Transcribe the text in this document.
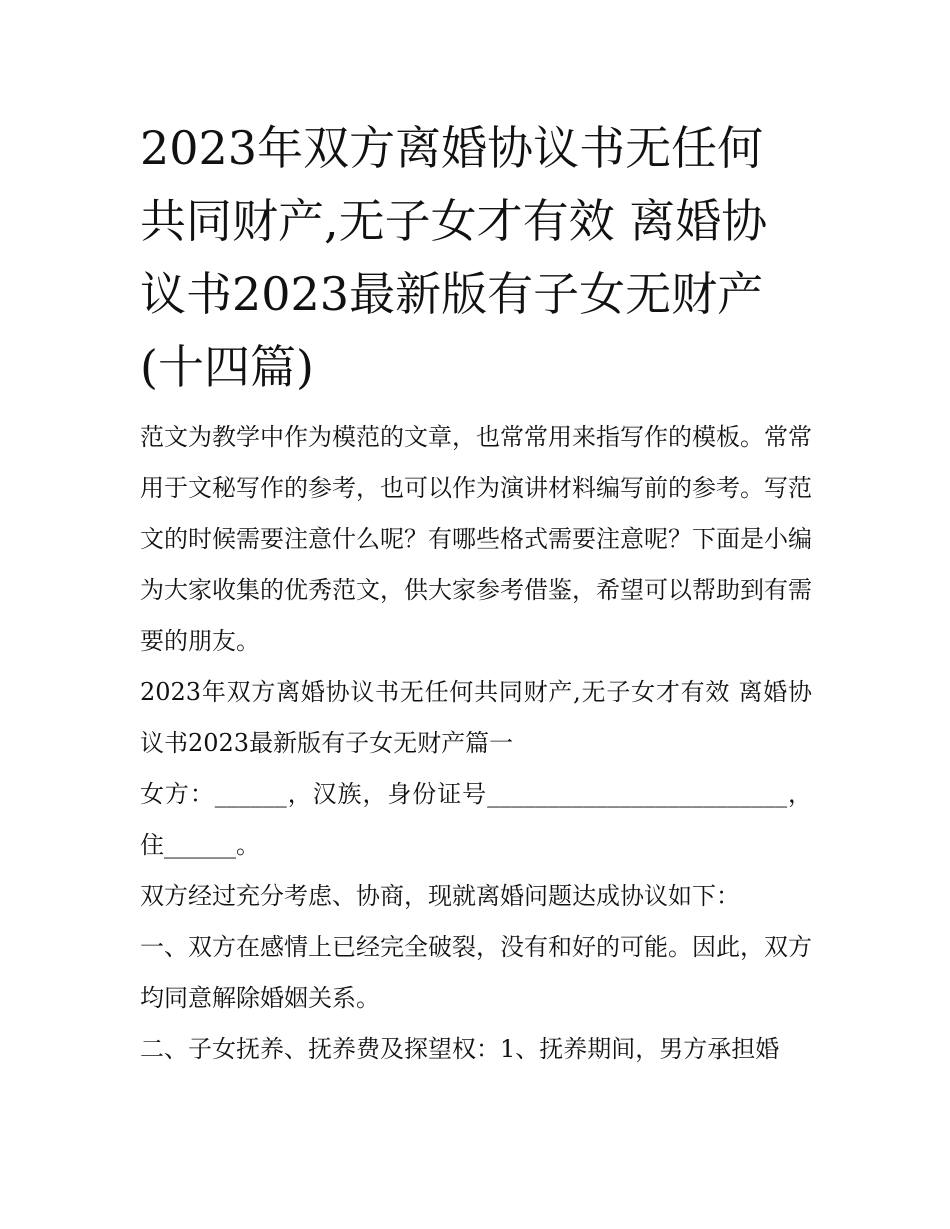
2023年双方离婚协议书无任何
共同财产,无子女才有效 离婚协
议书2023最新版有子女无财产
(十四篇)

范文为教学中作为模范的文章，也常常用来指写作的模板。常常用于文秘写作的参考，也可以作为演讲材料编写前的参考。写范文的时候需要注意什么呢？有哪些格式需要注意呢？下面是小编为大家收集的优秀范文，供大家参考借鉴，希望可以帮助到有需要的朋友。

2023年双方离婚协议书无任何共同财产,无子女才有效 离婚协议书2023最新版有子女无财产篇一

女方：______，汉族，身份证号_________________________，住______。

双方经过充分考虑、协商，现就离婚问题达成协议如下：

一、双方在感情上已经完全破裂，没有和好的可能。因此，双方均同意解除婚姻关系。

二、子女抚养、抚养费及探望权：1、抚养期间，男方承担婚
